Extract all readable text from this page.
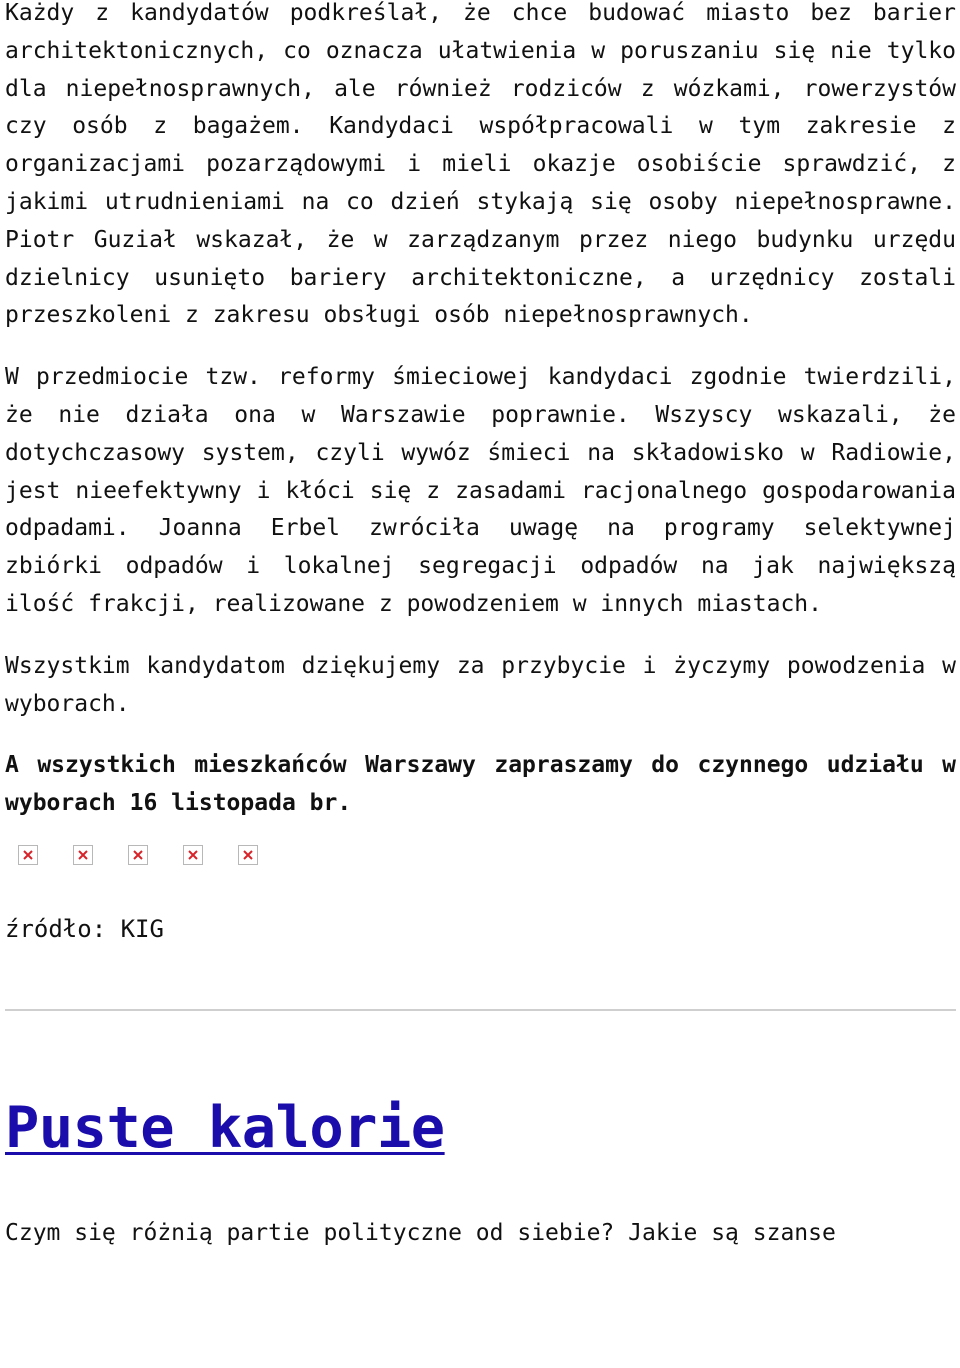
Każdy z kandydatów podkreślał, że chce budować miasto bez barier architektonicznych, co oznacza ułatwienia w poruszaniu się nie tylko dla niepełnosprawnych, ale również rodziców z wózkami, rowerzystów czy osób z bagażem. Kandydaci współpracowali w tym zakresie z organizacjami pozarządowymi i mieli okazje osobiście sprawdzić, z jakimi utrudnieniami na co dzień stykają się osoby niepełnosprawne. Piotr Guział wskazał, że w zarządzanym przez niego budynku urzędu dzielnicy usunięto bariery architektoniczne, a urzędnicy zostali przeszkoleni z zakresu obsługi osób niepełnosprawnych.

W przedmiocie tzw. reformy śmieciowej kandydaci zgodnie twierdzili, że nie działa ona w Warszawie poprawnie. Wszyscy wskazali, że dotychczasowy system, czyli wywóz śmieci na składowisko w Radiowie, jest nieefektywny i kłóci się z zasadami racjonalnego gospodarowania odpadami. Joanna Erbel zwróciła uwagę na programy selektywnej zbiórki odpadów i lokalnej segregacji odpadów na jak największą ilość frakcji, realizowane z powodzeniem w innych miastach.

Wszystkim kandydatom dziękujemy za przybycie i życzymy powodzenia w wyborach.

A wszystkich mieszkańców Warszawy zapraszamy do czynnego udziału w wyborach 16 listopada br.

źródło: KIG
Puste kalorie
Czym się różnią partie polityczne od siebie? Jakie są szanse
